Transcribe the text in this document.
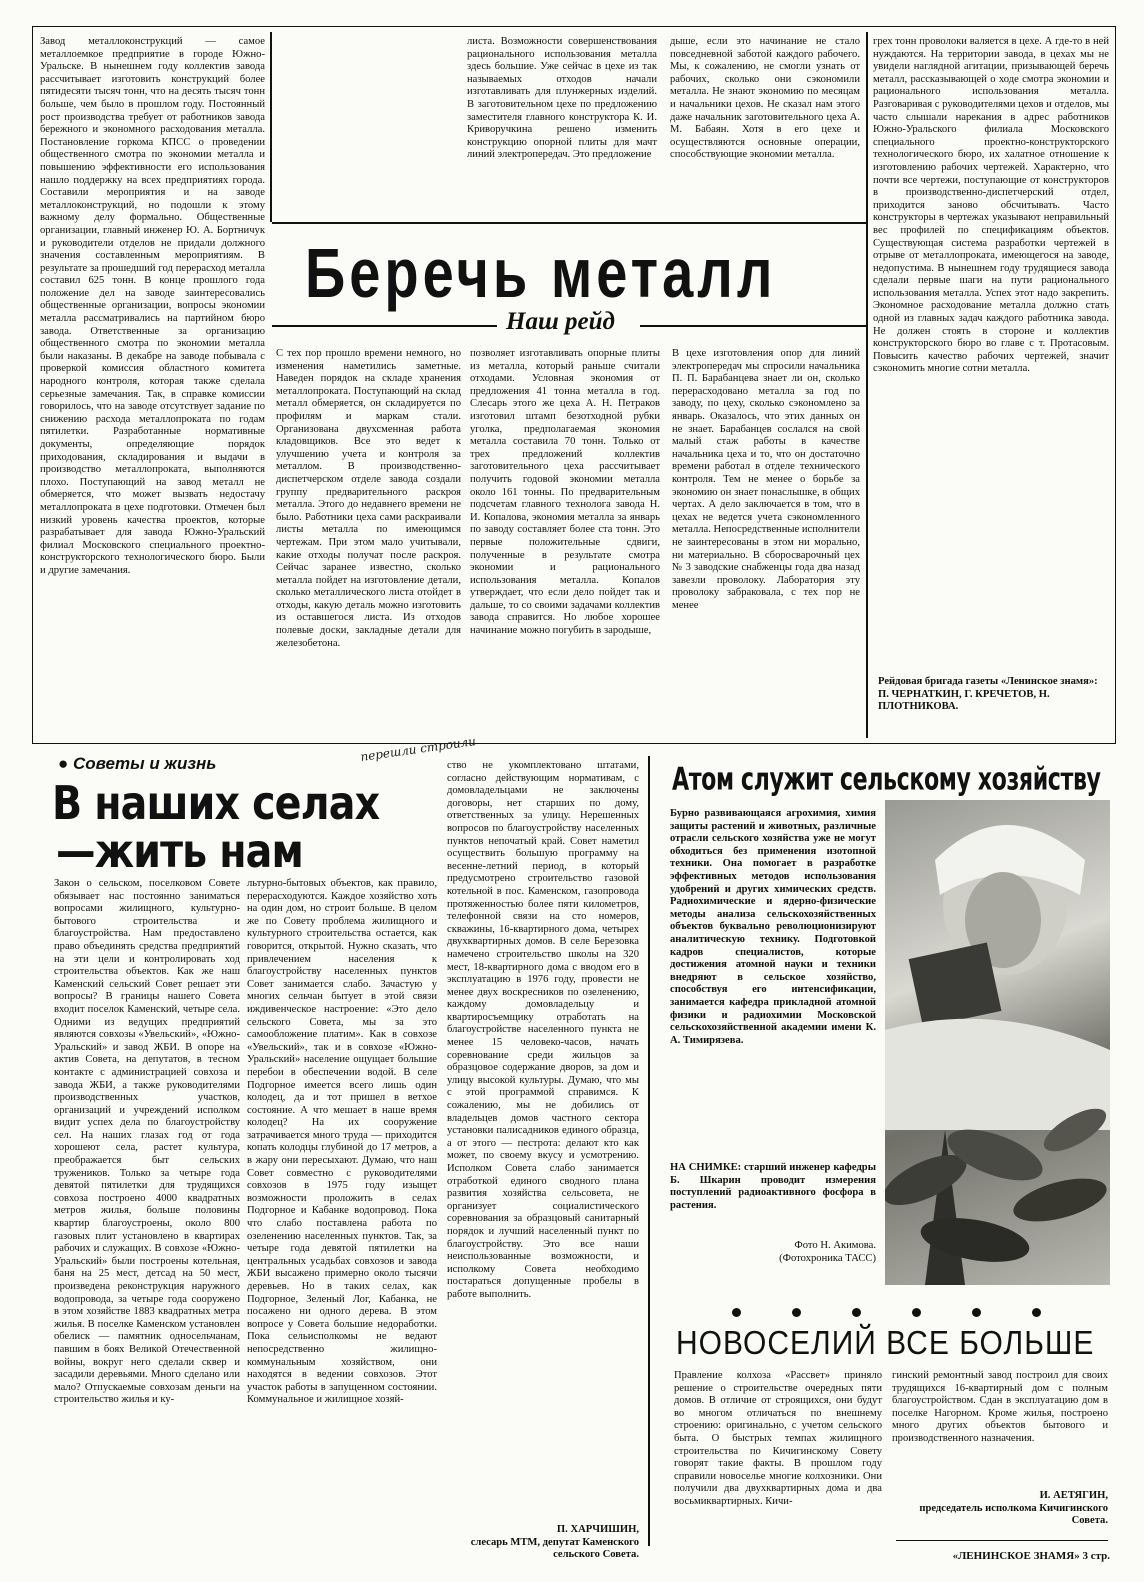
Завод металлоконструкций — самое металлоемкое предприятие в городе Южно-Уральске. В нынешнем году коллектив завода рассчитывает изготовить конструкций более пятидесяти тысяч тонн, что на десять тысяч тонн больше, чем было в прошлом году. Постоянный рост производства требует от работников завода бережного и экономного расходования металла. Постановление горкома КПСС о проведении общественного смотра по экономии металла и повышению эффективности его использования нашло поддержку на всех предприятиях города. Составили мероприятия и на заводе металлоконструкций, но подошли к этому важному делу формально. Общественные организации, главный инженер Ю. А. Бортничук и руководители отделов не придали должного значения составленным мероприятиям. В результате за прошедший год перерасход металла составил 625 тонн. В конце прошлого года положение дел на заводе заинтересовались общественные организации, вопросы экономии металла рассматривались на партийном бюро завода. Ответственные за организацию общественного смотра по экономии металла были наказаны. В декабре на заводе побывала с проверкой комиссия областного комитета народного контроля, которая также сделала серьезные замечания. Так, в справке комиссии говорилось, что на заводе отсутствует задание по снижению расхода металлопроката по годам пятилетки. Разработанные нормативные документы, определяющие порядок приходования, складирования и выдачи в производство металлопроката, выполняются плохо. Поступающий на завод металл не обмеряется, что может вызвать недостачу металлопроката в цехе подготовки. Отмечен был низкий уровень качества проектов, которые разрабатывает для завода Южно-Уральский филиал Московского специального проектно-конструкторского технологического бюро. Были и другие замечания.
листа. Возможности совершенствования рационального использования металла здесь большие. Уже сейчас в цехе из так называемых отходов начали изготавливать для плунжерных изделий. В заготовительном цехе по предложению заместителя главного конструктора К. И. Криворучкина решено изменить конструкцию опорной плиты для мачт линий электропередач. Это предложение
дыше, если это начинание не стало повседневной заботой каждого рабочего. Мы, к сожалению, не смогли узнать от рабочих, сколько они сэкономили металла. Не знают экономию по месяцам и начальники цехов. Не сказал нам этого даже начальник заготовительного цеха А. М. Бабаян. Хотя в его цехе и осуществляются основные операции, способствующие экономии металла.
грех тонн проволоки валяется в цехе. А где-то в ней нуждаются. На территории завода, в цехах мы не увидели наглядной агитации, призывающей беречь металл, рассказывающей о ходе смотра экономии и рационального использования металла. Разговаривая с руководителями цехов и отделов, мы часто слышали нарекания в адрес работников Южно-Уральского филиала Московского специального проектно-конструкторского технологического бюро, их халатное отношение к изготовлению рабочих чертежей. Характерно, что почти все чертежи, поступающие от конструкторов в производственно-диспетчерский отдел, приходится заново обсчитывать. Часто конструкторы в чертежах указывают неправильный вес профилей по спецификациям объектов. Существующая система разработки чертежей в отрыве от металлопроката, имеющегося на заводе, недопустима. В нынешнем году трудящиеся завода сделали первые шаги на пути рационального использования металла. Успех этот надо закрепить. Экономное расходование металла должно стать одной из главных задач каждого работника завода. Не должен стоять в стороне и коллектив конструкторского бюро во главе с т. Протасовым. Повысить качество рабочих чертежей, значит сэкономить многие сотни металла.
Беречь металл
Наш рейд
С тех пор прошло времени немного, но изменения наметились заметные. Наведен порядок на складе хранения металлопроката. Поступающий на склад металл обмеряется, он складируется по профилям и маркам стали. Организована двухсменная работа кладовщиков. Все это ведет к улучшению учета и контроля за металлом. В производственно-диспетчерском отделе завода создали группу предварительного раскроя металла. Этого до недавнего времени не было. Работники цеха сами раскраивали листы металла по имеющимся чертежам. При этом мало учитывали, какие отходы получат после раскроя. Сейчас заранее известно, сколько металла пойдет на изготовление детали, сколько металлического листа отойдет в отходы, какую деталь можно изготовить из оставшегося листа. Из отходов полевые доски, закладные детали для железобетона.
позволяет изготавливать опорные плиты из металла, который раньше считали отходами. Условная экономия от предложения 41 тонна металла в год. Слесарь этого же цеха А. Н. Петраков изготовил штамп безотходной рубки уголка, предполагаемая экономия металла составила 70 тонн. Только от трех предложений коллектив заготовительного цеха рассчитывает получить годовой экономии металла около 161 тонны. По предварительным подсчетам главного технолога завода Н. И. Копалова, экономия металла за январь по заводу составляет более ста тонн. Это первые положительные сдвиги, полученные в результате смотра экономии и рационального использования металла. Копалов утверждает, что если дело пойдет так и дальше, то со своими задачами коллектив завода справится. Но любое хорошее начинание можно погубить в зародыше,
В цехе изготовления опор для линий электропередач мы спросили начальника П. П. Барабанцева знает ли он, сколько перерасходовано металла за год по заводу, по цеху, сколько сэкономлено за январь. Оказалось, что этих данных он не знает. Барабанцев сослался на свой малый стаж работы в качестве начальника цеха и то, что он достаточно времени работал в отделе технического контроля. Тем не менее о борьбе за экономию он знает понаслышке, в общих чертах. А дело заключается в том, что в цехах не ведется учета сэкономленного металла. Непосредственные исполнители не заинтересованы в этом ни морально, ни материально. В сборосварочный цех № 3 заводские снабженцы года два назад завезли проволоку. Лаборатория эту проволоку забраковала, с тех пор не менее
Рейдовая бригада газеты «Ленинское знамя»: П. ЧЕРНАТКИН, Г. КРЕЧЕТОВ, Н. ПЛОТНИКОВА.
● Советы и жизнь
В наших селах
—жить нам
Закон о сельском, поселковом Совете обязывает нас постоянно заниматься вопросами жилищного, культурно-бытового строительства и благоустройства. Нам предоставлено право объединять средства предприятий на эти цели и контролировать ход строительства объектов. Как же наш Каменский сельский Совет решает эти вопросы? В границы нашего Совета входит поселок Каменский, четыре села. Одними из ведущих предприятий являются совхозы «Увельский», «Южно-Уральский» и завод ЖБИ. В опоре на актив Совета, на депутатов, в тесном контакте с администрацией совхоза и завода ЖБИ, а также руководителями производственных участков, организаций и учреждений исполком видит успех дела по благоустройству сел. На наших глазах год от года хорошеют села, растет культура, преображается быт сельских тружеников. Только за четыре года девятой пятилетки для трудящихся совхоза построено 4000 квадратных метров жилья, больше половины квартир благоустроены, около 800 газовых плит установлено в квартирах рабочих и служащих. В совхозе «Южно-Уральский» были построены котельная, баня на 25 мест, детсад на 50 мест, произведена реконструкция наружного водопровода, за четыре года сооружено в этом хозяйстве 1883 квадратных метра жилья. В поселке Каменском установлен обелиск — памятник односельчанам, павшим в боях Великой Отечественной войны, вокруг него сделали сквер и засадили деревьями. Много сделано или мало? Отпускаемые совхозам деньги на строительство жилья и ку-
льтурно-бытовых объектов, как правило, перерасходуются. Каждое хозяйство хоть на один дом, но строит больше. В целом же по Совету проблема жилищного и культурного строительства остается, как говорится, открытой. Нужно сказать, что привлечением населения к благоустройству населенных пунктов Совет занимается слабо. Зачастую у многих сельчан бытует в этой связи иждивенческое настроение: «Это дело сельского Совета, мы за это самообложение платим». Как в совхозе «Увельский», так и в совхозе «Южно-Уральский» население ощущает большие перебои в обеспечении водой. В селе Подгорное имеется всего лишь один колодец, да и тот пришел в ветхое состояние. А что мешает в наше время колодец? На их сооружение затрачивается много труда — приходится копать колодцы глубиной до 17 метров, а в жару они пересыхают. Думаю, что наш Совет совместно с руководителями совхозов в 1975 году изыщет возможности проложить в селах Подгорное и Кабанке водопровод. Пока что слабо поставлена работа по озеленению населенных пунктов. Так, за четыре года девятой пятилетки на центральных усадьбах совхозов и завода ЖБИ высажено примерно около тысячи деревьев. Но в таких селах, как Подгорное, Зеленый Лог, Кабанка, не посажено ни одного дерева. В этом вопросе у Совета большие недоработки. Пока сельисполкомы не ведают непосредственно жилищно-коммунальным хозяйством, они находятся в ведении совхозов. Этот участок работы в запущенном состоянии. Коммунальное и жилищное хозяй-
ство не укомплектовано штатами, согласно действующим нормативам, с домовладельцами не заключены договоры, нет старших по дому, ответственных за улицу. Нерешенных вопросов по благоустройству населенных пунктов непочатый край. Совет наметил осуществить большую программу на весенне-летний период, в который предусмотрено строительство газовой котельной в пос. Каменском, газопровода протяженностью более пяти километров, телефонной связи на сто номеров, скважины, 16-квартирного дома, четырех двухквартирных домов. В селе Березовка намечено строительство школы на 320 мест, 18-квартирного дома с вводом его в эксплуатацию в 1976 году, провести не менее двух воскресников по озеленению, каждому домовладельцу и квартиросъемщику отработать на благоустройстве населенного пункта не менее 15 человеко-часов, начать соревнование среди жильцов за образцовое содержание дворов, за дом и улицу высокой культуры. Думаю, что мы с этой программой справимся. К сожалению, мы не добились от владельцев домов частного сектора установки палисадников единого образца, а от этого — пестрота: делают кто как может, по своему вкусу и усмотрению. Исполком Совета слабо занимается отработкой единого сводного плана развития хозяйства сельсовета, не организует социалистического соревнования за образцовый санитарный порядок и лучший населенный пункт по благоустройству. Это все наши неиспользованные возможности, и исполкому Совета необходимо постараться допущенные пробелы в работе выполнить.
П. ХАРЧИШИН,
слесарь МТМ, депутат Каменского сельского Совета.
перешли строили
Атом служит сельскому хозяйству
Бурно развивающаяся агрохимия, химия защиты растений и животных, различные отрасли сельского хозяйства уже не могут обходиться без применения изотопной техники. Она помогает в разработке эффективных методов использования удобрений и других химических средств. Радиохимические и ядерно-физические методы анализа сельскохозяйственных объектов буквально революционизируют аналитическую технику. Подготовкой кадров специалистов, которые достижения атомной науки и техники внедряют в сельское хозяйство, способствуя его интенсификации, занимается кафедра прикладной атомной физики и радиохимии Московской сельскохозяйственной академии имени К. А. Тимирязева.
НА СНИМКЕ: старший инженер кафедры Б. Шкарин проводит измерения поступлений радиоактивного фосфора в растения.
Фото Н. Акимова. (Фотохроника ТАСС)
НОВОСЕЛИЙ ВСЕ БОЛЬШЕ
Правление колхоза «Рассвет» приняло решение о строительстве очередных пяти домов. В отличие от строящихся, они будут во многом отличаться по внешнему строению: оригинально, с учетом сельского быта. О быстрых темпах жилищного строительства по Кичигинскому Совету говорят такие факты. В прошлом году справили новоселье многие колхозники. Они получили два двухквартирных дома и два восьмиквартирных. Кичи-
гинский ремонтный завод построил для своих трудящихся 16-квартирный дом с полным благоустройством. Сдан в эксплуатацию дом в поселке Нагорном. Кроме жилья, построено много других объектов бытового и производственного назначения.
И. АЕТЯГИН,
председатель исполкома Кичигинского Совета.
«ЛЕНИНСКОЕ ЗНАМЯ» 3 стр.
